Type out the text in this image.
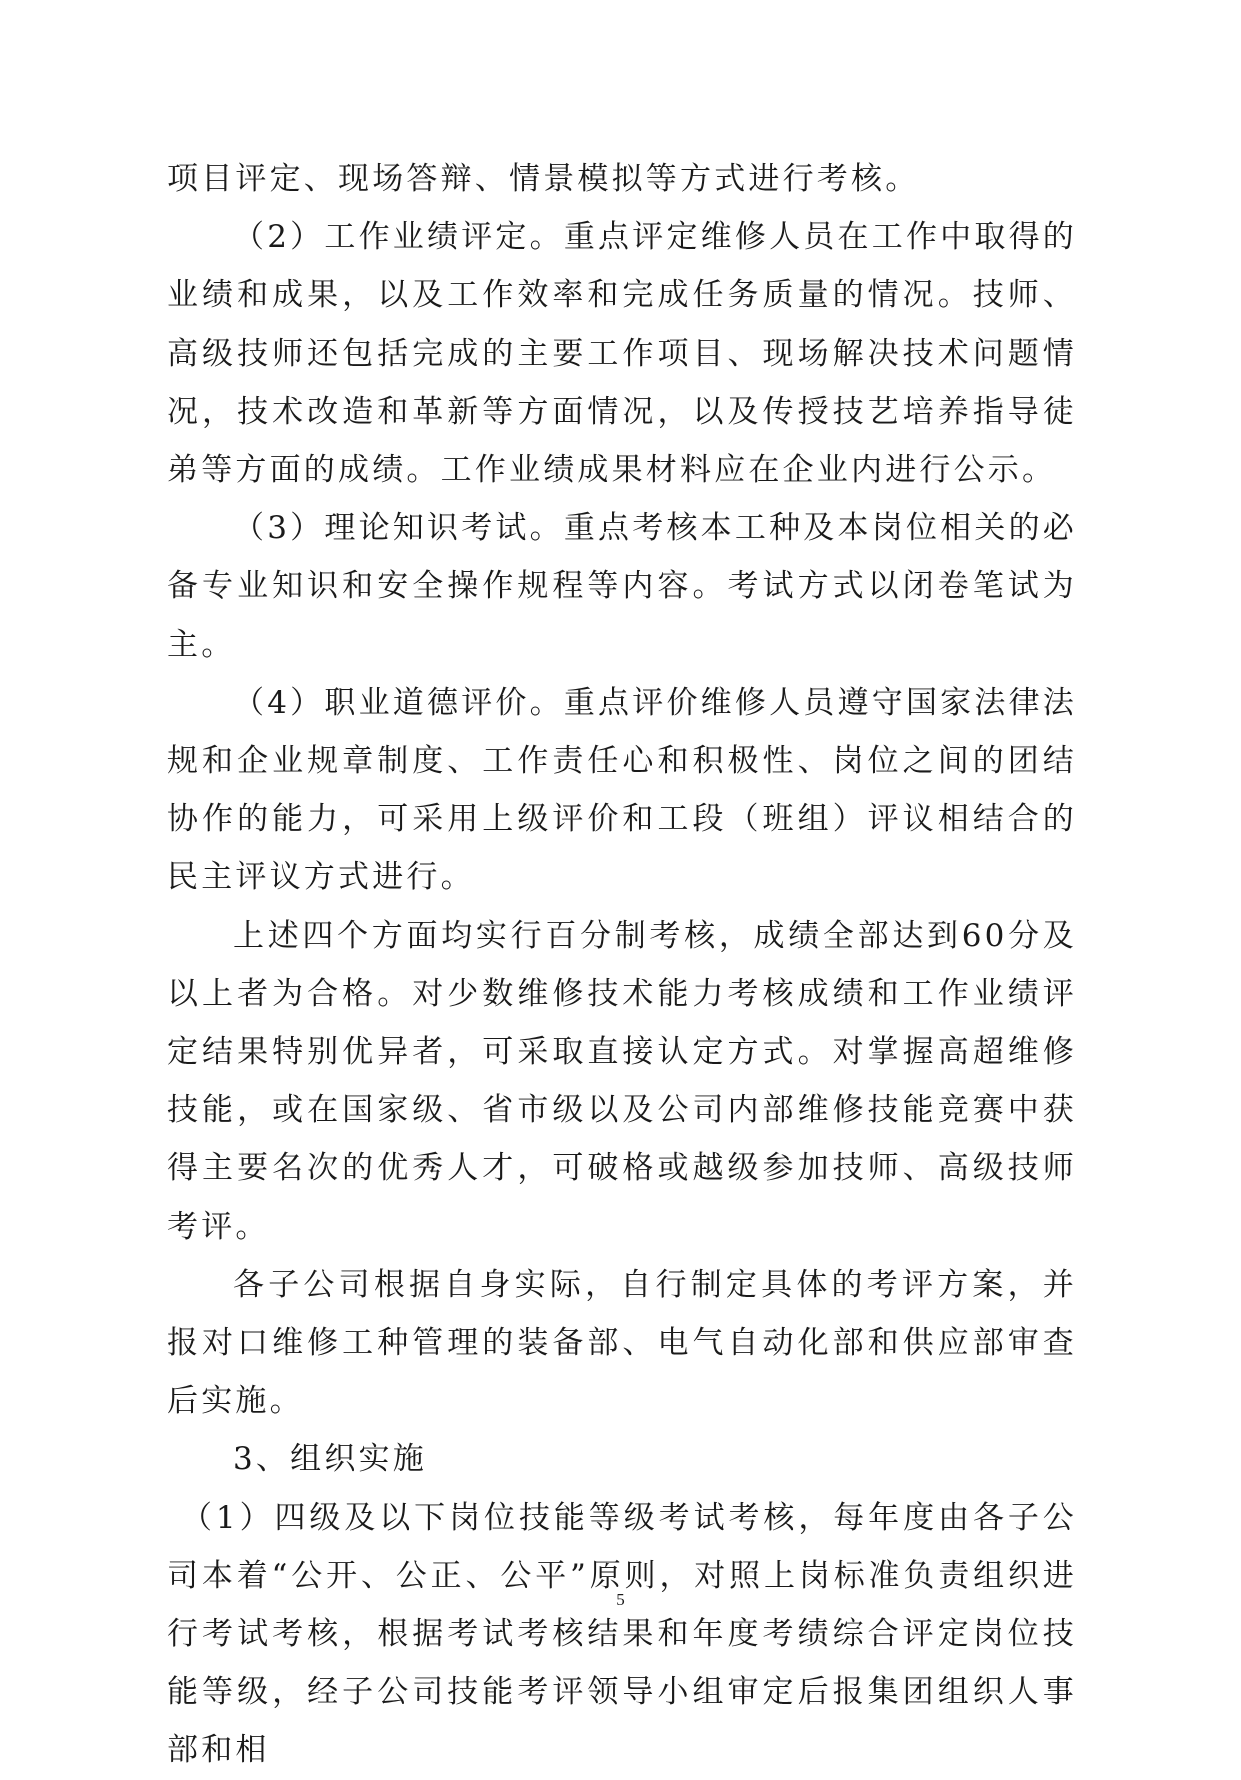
项目评定、现场答辩、情景模拟等方式进行考核。

（2）工作业绩评定。重点评定维修人员在工作中取得的业绩和成果，以及工作效率和完成任务质量的情况。技师、高级技师还包括完成的主要工作项目、现场解决技术问题情况，技术改造和革新等方面情况，以及传授技艺培养指导徒弟等方面的成绩。工作业绩成果材料应在企业内进行公示。

（3）理论知识考试。重点考核本工种及本岗位相关的必备专业知识和安全操作规程等内容。考试方式以闭卷笔试为主。

（4）职业道德评价。重点评价维修人员遵守国家法律法规和企业规章制度、工作责任心和积极性、岗位之间的团结协作的能力，可采用上级评价和工段（班组）评议相结合的民主评议方式进行。

上述四个方面均实行百分制考核，成绩全部达到60分及以上者为合格。对少数维修技术能力考核成绩和工作业绩评定结果特别优异者，可采取直接认定方式。对掌握高超维修技能，或在国家级、省市级以及公司内部维修技能竞赛中获得主要名次的优秀人才，可破格或越级参加技师、高级技师考评。

各子公司根据自身实际，自行制定具体的考评方案，并报对口维修工种管理的装备部、电气自动化部和供应部审查后实施。

3、组织实施

（1）四级及以下岗位技能等级考试考核，每年度由各子公司本着“公开、公正、公平”原则，对照上岗标准负责组织进行考试考核，根据考试考核结果和年度考绩综合评定岗位技能等级，经子公司技能考评领导小组审定后报集团组织人事部和相

5
